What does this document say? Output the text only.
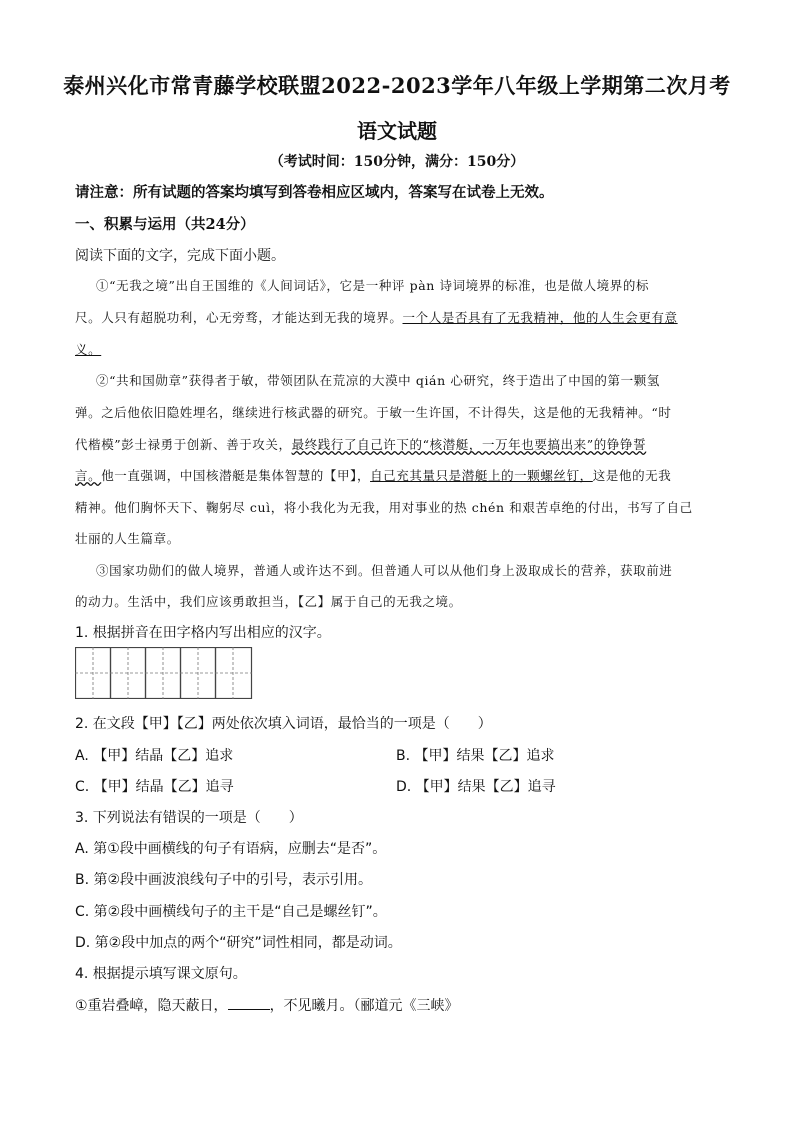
泰州兴化市常青藤学校联盟2022-2023学年八年级上学期第二次月考
语文试题
（考试时间：150分钟，满分：150分）
请注意：所有试题的答案均填写到答卷相应区域内，答案写在试卷上无效。
一、积累与运用（共24分）
阅读下面的文字，完成下面小题。
①“无我之境”出自王国维的《人间词话》，它是一种评 pàn 诗词境界的标准，也是做人境界的标
尺。人只有超脱功利，心无旁骛，才能达到无我的境界。一个人是否具有了无我精神，他的人生会更有意
义。
②“共和国勋章”获得者于敏，带领团队在荒凉的大漠中 qián 心研究，终于造出了中国的第一颗氢
弹。之后他依旧隐姓埋名，继续进行核武器的研究。于敏一生许国，不计得失，这是他的无我精神。“时
代楷模”彭士禄勇于创新、善于攻关，最终践行了自己许下的“核潜艇，一万年也要搞出来”的铮铮誓
言。他一直强调，中国核潜艇是集体智慧的【甲】，自己充其量只是潜艇上的一颗螺丝钉，这是他的无我
精神。他们胸怀天下、鞠躬尽 cuì，将小我化为无我，用对事业的热 chén 和艰苦卓绝的付出，书写了自己
壮丽的人生篇章。
③国家功勋们的做人境界，普通人或许达不到。但普通人可以从他们身上汲取成长的营养，获取前进
的动力。生活中，我们应该勇敢担当，【乙】属于自己的无我之境。
1. 根据拼音在田字格内写出相应的汉字。
2. 在文段【甲】【乙】两处依次填入词语，最恰当的一项是（　　）
A. 【甲】结晶【乙】追求	B. 【甲】结果【乙】追求
C. 【甲】结晶【乙】追寻	D. 【甲】结果【乙】追寻
3. 下列说法有错误的一项是（　　）
A. 第①段中画横线的句子有语病，应删去“是否”。
B. 第②段中画波浪线句子中的引号，表示引用。
C. 第②段中画横线句子的主干是“自己是螺丝钉”。
D. 第②段中加点的两个“研究”词性相同，都是动词。
4. 根据提示填写课文原句。
①重岩叠嶂，隐天蔽日，	，不见曦月。（郦道元《三峡》
